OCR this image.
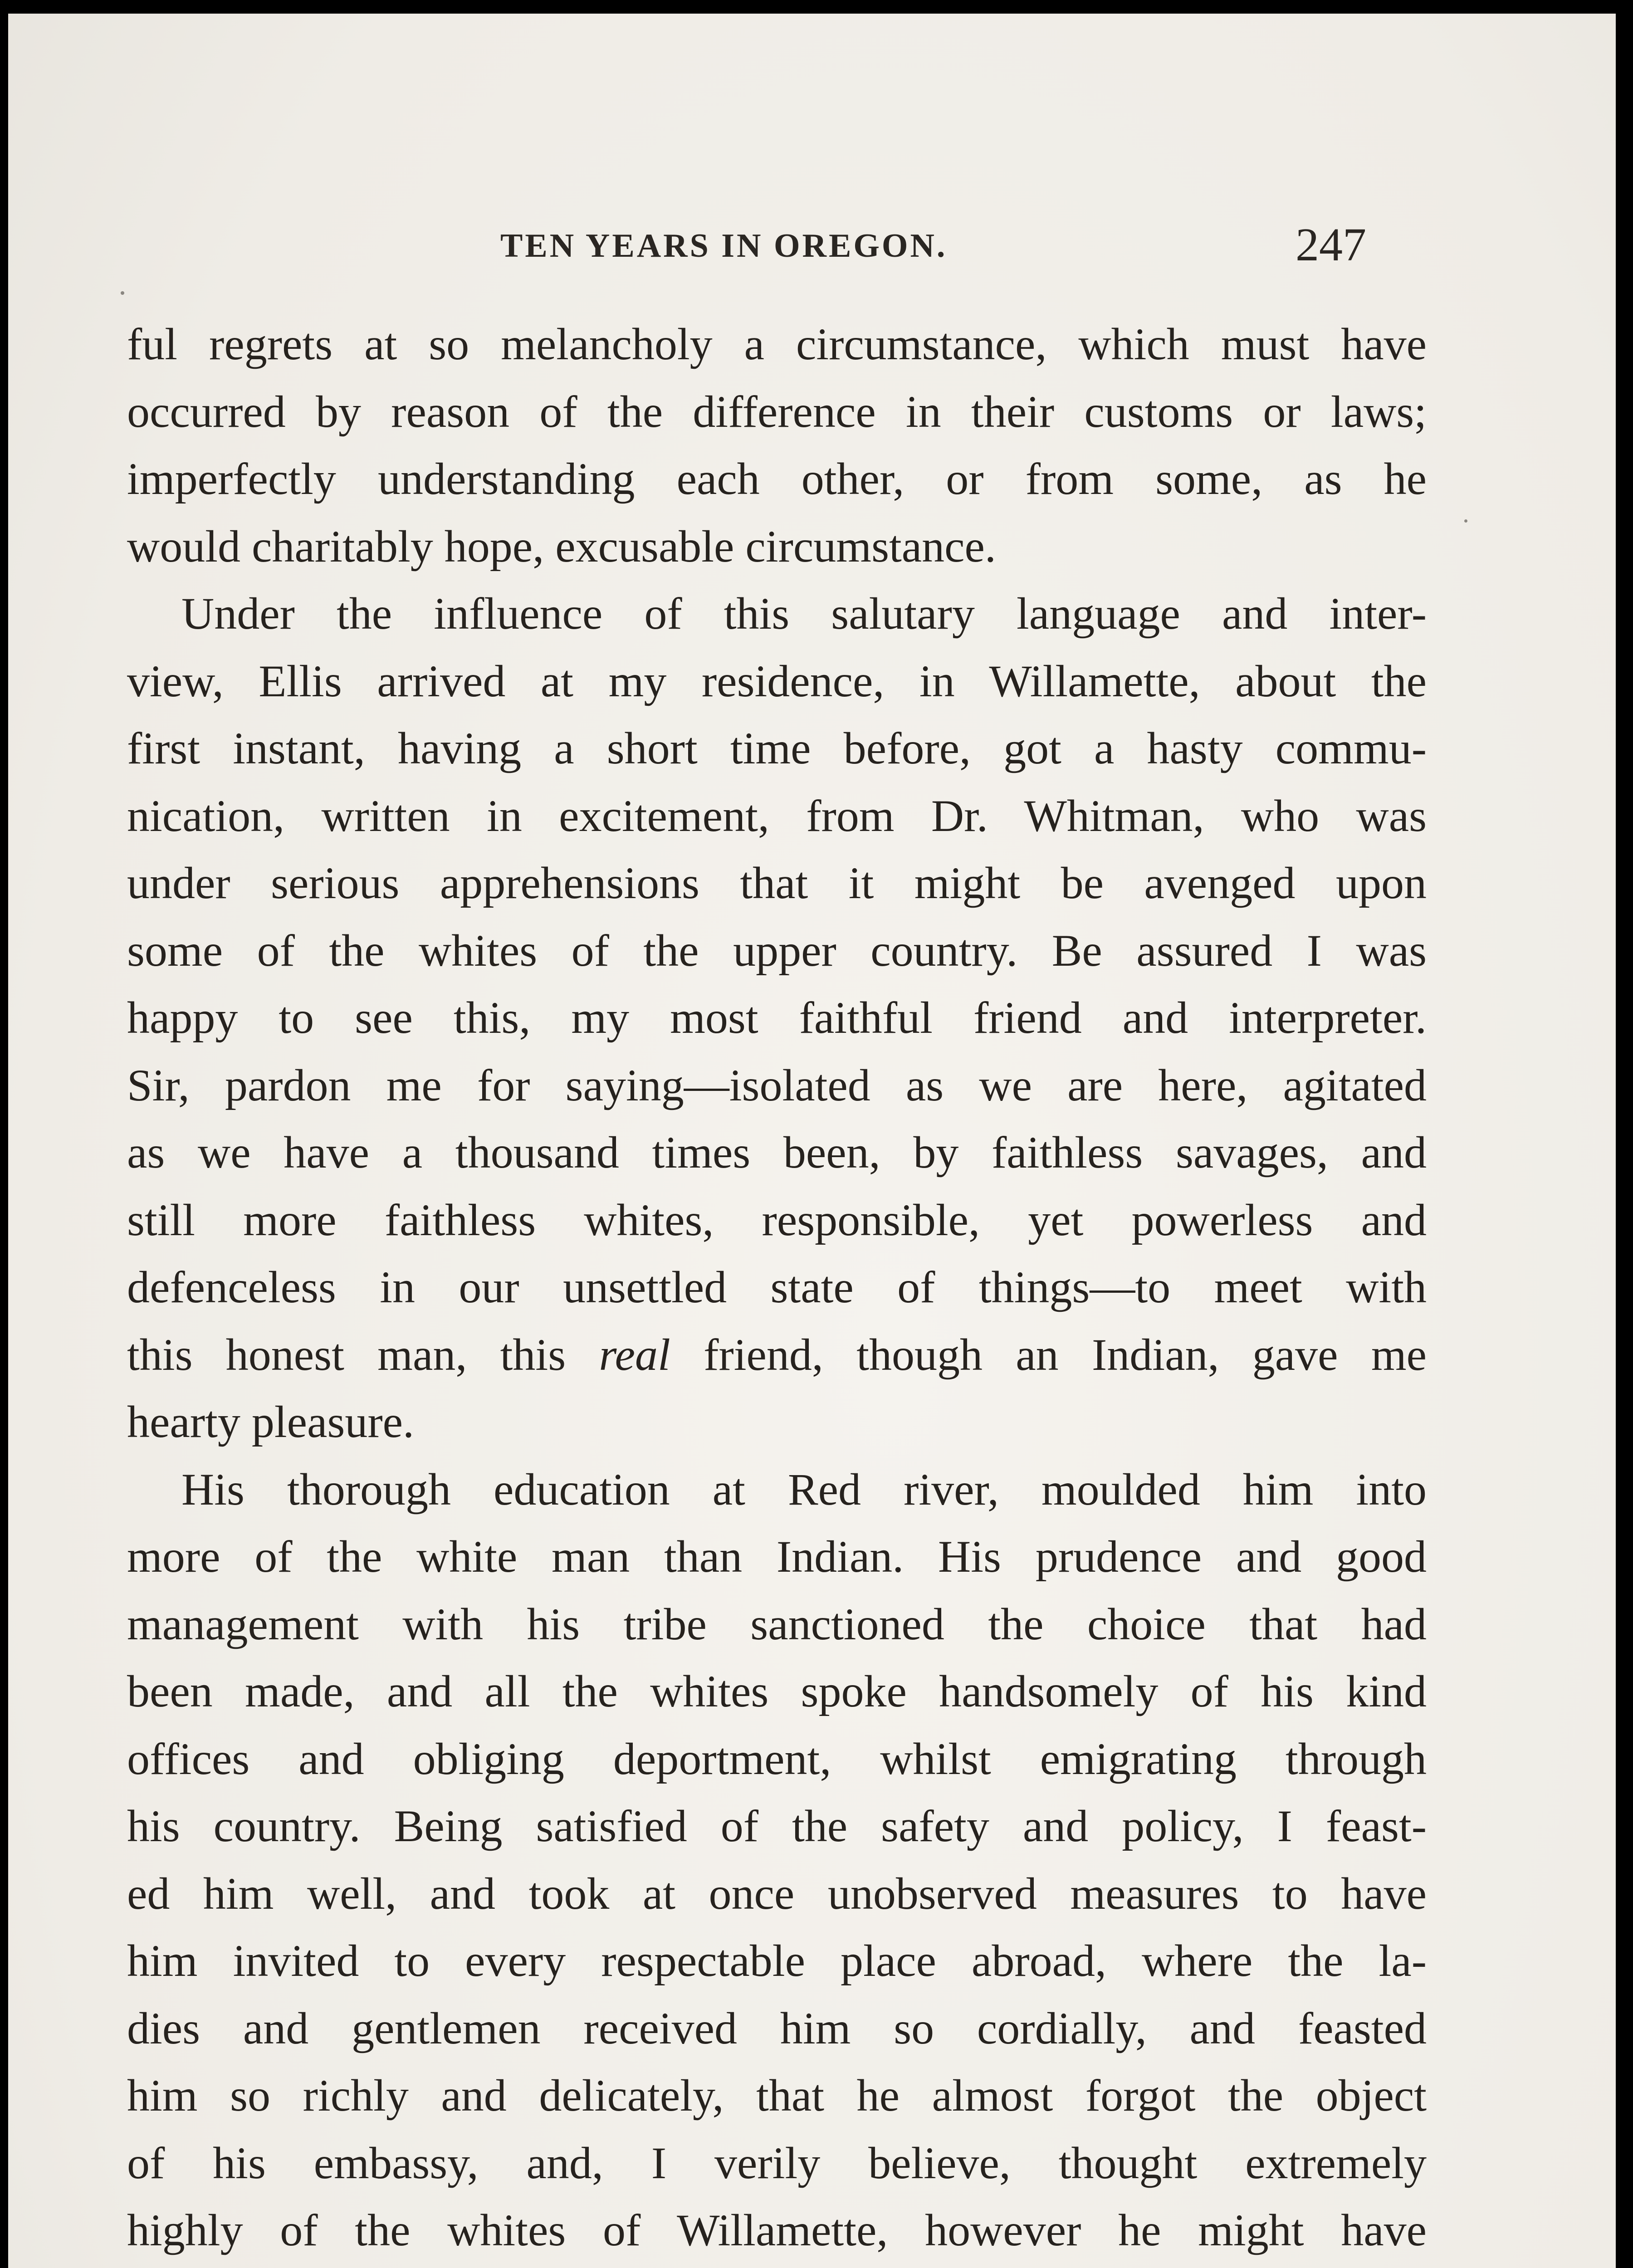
TEN YEARS IN OREGON.	247
ful regrets at so melancholy a circumstance, which must have
occurred by reason of the difference in their customs or laws;
imperfectly understanding each other, or from some, as he
would charitably hope, excusable circumstance.
Under the influence of this salutary language and inter-
view, Ellis arrived at my residence, in Willamette, about the
first instant, having a short time before, got a hasty commu-
nication, written in excitement, from Dr. Whitman, who was
under serious apprehensions that it might be avenged upon
some of the whites of the upper country. Be assured I was
happy to see this, my most faithful friend and interpreter.
Sir, pardon me for saying—isolated as we are here, agitated
as we have a thousand times been, by faithless savages, and
still more faithless whites, responsible, yet powerless and
defenceless in our unsettled state of things—to meet with
this honest man, this real friend, though an Indian, gave me
hearty pleasure.
His thorough education at Red river, moulded him into
more of the white man than Indian. His prudence and good
management with his tribe sanctioned the choice that had
been made, and all the whites spoke handsomely of his kind
offices and obliging deportment, whilst emigrating through
his country. Being satisfied of the safety and policy, I feast-
ed him well, and took at once unobserved measures to have
him invited to every respectable place abroad, where the la-
dies and gentlemen received him so cordially, and feasted
him so richly and delicately, that he almost forgot the object
of his embassy, and, I verily believe, thought extremely
highly of the whites of Willamette, however he might have
